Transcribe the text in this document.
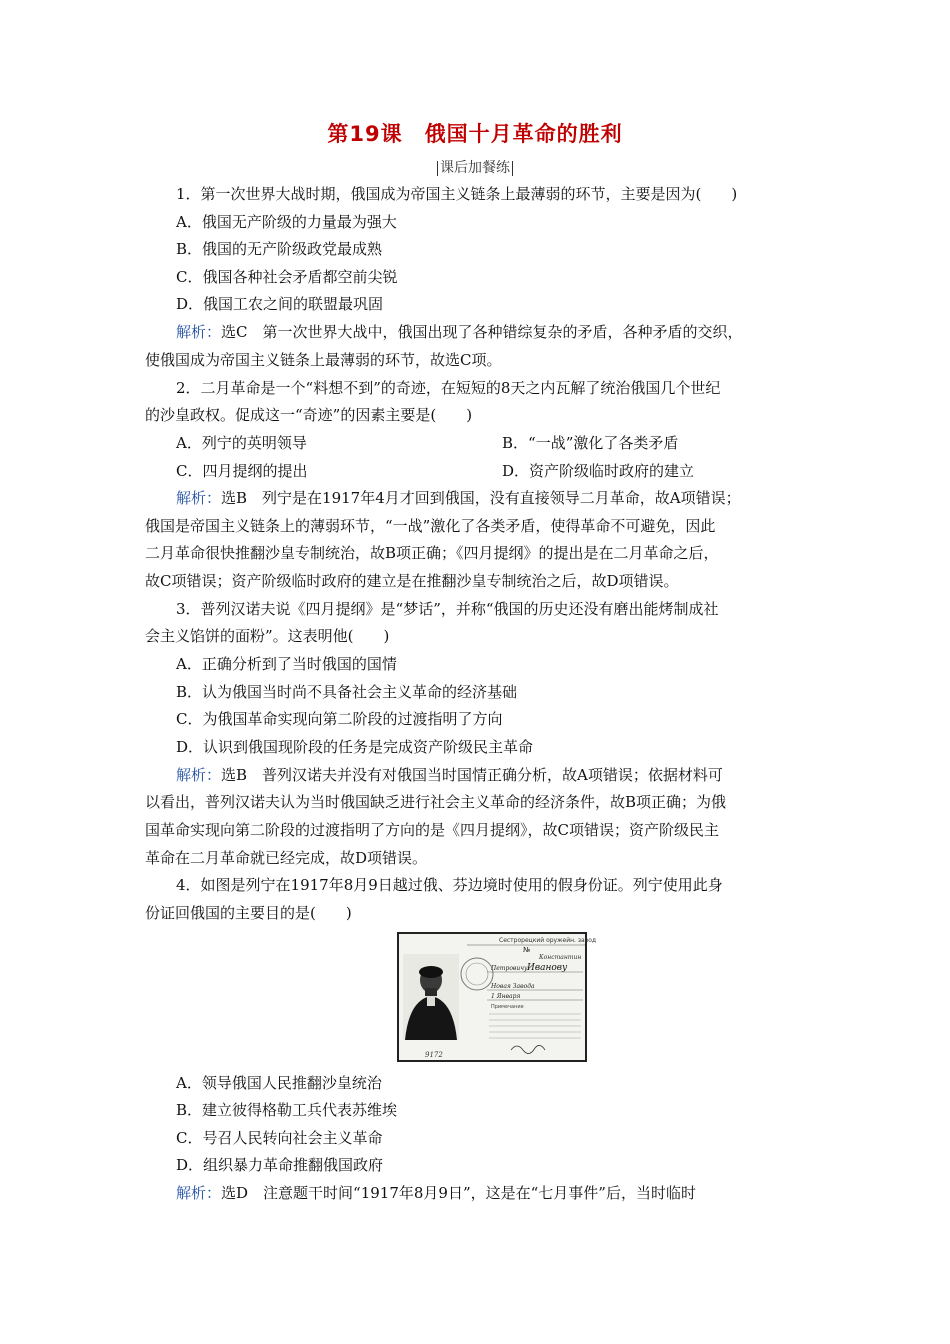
第19课　俄国十月革命的胜利
课后加餐练
1．第一次世界大战时期，俄国成为帝国主义链条上最薄弱的环节，主要是因为(　　)
A．俄国无产阶级的力量最为强大
B．俄国的无产阶级政党最成熟
C．俄国各种社会矛盾都空前尖锐
D．俄国工农之间的联盟最巩固
解析：选C　第一次世界大战中，俄国出现了各种错综复杂的矛盾，各种矛盾的交织，
使俄国成为帝国主义链条上最薄弱的环节，故选C项。
2．二月革命是一个“料想不到”的奇迹，在短短的8天之内瓦解了统治俄国几个世纪
的沙皇政权。促成这一“奇迹”的因素主要是(　　)
A．列宁的英明领导	B．“一战”激化了各类矛盾
C．四月提纲的提出	D．资产阶级临时政府的建立
解析：选B　列宁是在1917年4月才回到俄国，没有直接领导二月革命，故A项错误；
俄国是帝国主义链条上的薄弱环节，“一战”激化了各类矛盾，使得革命不可避免，因此
二月革命很快推翻沙皇专制统治，故B项正确；《四月提纲》的提出是在二月革命之后，
故C项错误；资产阶级临时政府的建立是在推翻沙皇专制统治之后，故D项错误。
3．普列汉诺夫说《四月提纲》是“梦话”，并称“俄国的历史还没有磨出能烤制成社
会主义馅饼的面粉”。这表明他(　　)
A．正确分析到了当时俄国的国情
B．认为俄国当时尚不具备社会主义革命的经济基础
C．为俄国革命实现向第二阶段的过渡指明了方向
D．认识到俄国现阶段的任务是完成资产阶级民主革命
解析：选B　普列汉诺夫并没有对俄国当时国情正确分析，故A项错误；依据材料可
以看出，普列汉诺夫认为当时俄国缺乏进行社会主义革命的经济条件，故B项正确；为俄
国革命实现向第二阶段的过渡指明了方向的是《四月提纲》，故C项错误；资产阶级民主
革命在二月革命就已经完成，故D项错误。
4．如图是列宁在1917年8月9日越过俄、芬边境时使用的假身份证。列宁使用此身
份证回俄国的主要目的是(　　)
Сестрорецкий оружейн. завод
№
Константин
Петровичу Иванову
Новая Завода
1 Января
Примечание
9172
A．领导俄国人民推翻沙皇统治
B．建立彼得格勒工兵代表苏维埃
C．号召人民转向社会主义革命
D．组织暴力革命推翻俄国政府
解析：选D　注意题干时间“1917年8月9日”，这是在“七月事件”后，当时临时
